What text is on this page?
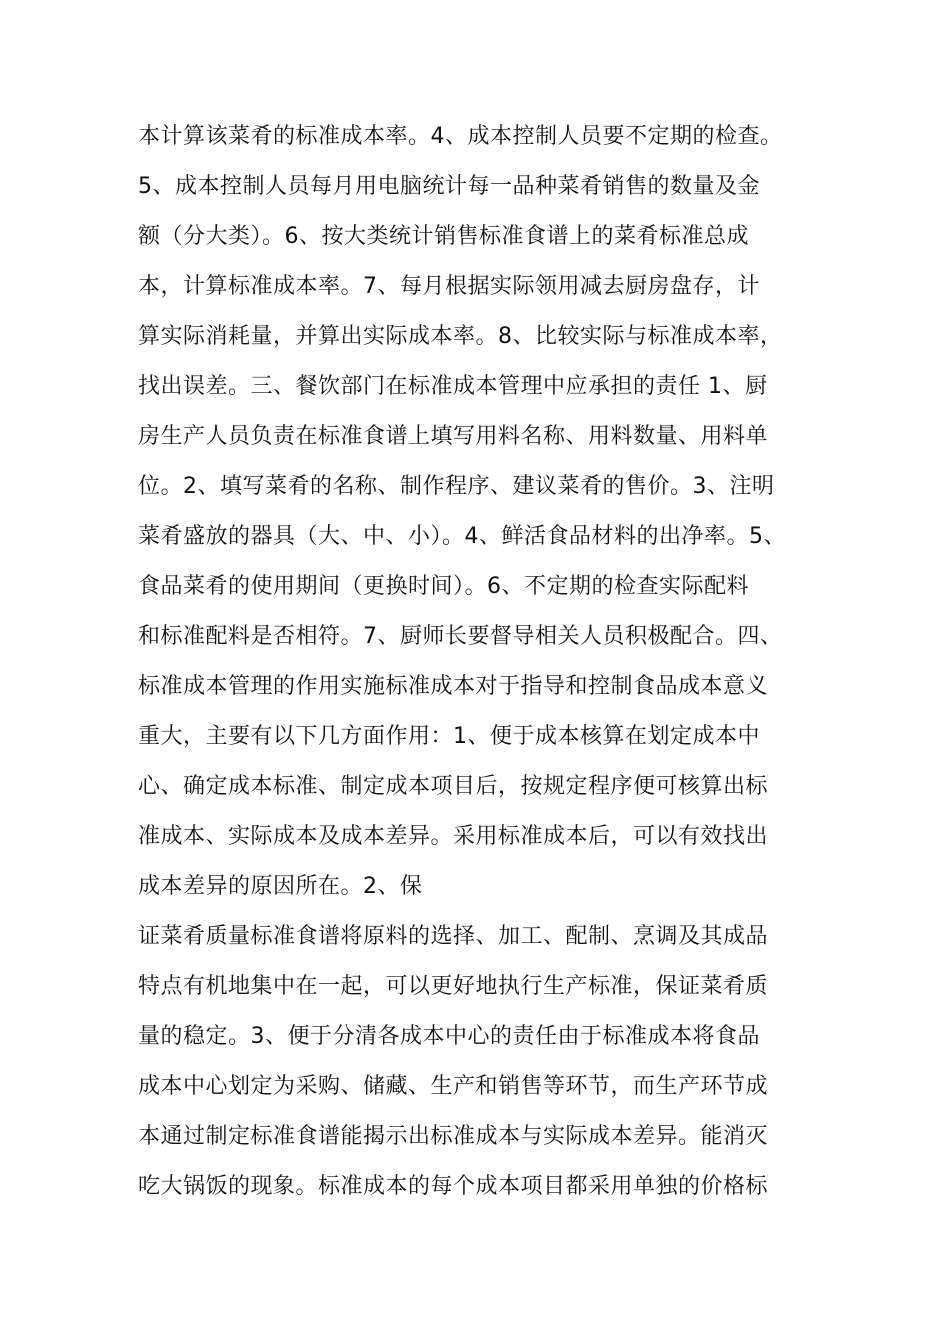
本计算该菜肴的标准成本率。4、成本控制人员要不定期的检查。
5、成本控制人员每月用电脑统计每一品种菜肴销售的数量及金
额（分大类）。6、按大类统计销售标准食谱上的菜肴标准总成
本，计算标准成本率。7、每月根据实际领用减去厨房盘存，计
算实际消耗量，并算出实际成本率。8、比较实际与标准成本率，
找出误差。三、餐饮部门在标准成本管理中应承担的责任 1、厨
房生产人员负责在标准食谱上填写用料名称、用料数量、用料单
位。2、填写菜肴的名称、制作程序、建议菜肴的售价。3、注明
菜肴盛放的器具（大、中、小）。4、鲜活食品材料的出净率。5、
食品菜肴的使用期间（更换时间）。6、不定期的检查实际配料
和标准配料是否相符。7、厨师长要督导相关人员积极配合。四、
标准成本管理的作用实施标准成本对于指导和控制食品成本意义
重大，主要有以下几方面作用：1、便于成本核算在划定成本中
心、确定成本标准、制定成本项目后，按规定程序便可核算出标
准成本、实际成本及成本差异。采用标准成本后，可以有效找出
成本差异的原因所在。2、保
证菜肴质量标准食谱将原料的选择、加工、配制、烹调及其成品
特点有机地集中在一起，可以更好地执行生产标准，保证菜肴质
量的稳定。3、便于分清各成本中心的责任由于标准成本将食品
成本中心划定为采购、储藏、生产和销售等环节，而生产环节成
本通过制定标准食谱能揭示出标准成本与实际成本差异。能消灭
吃大锅饭的现象。标准成本的每个成本项目都采用单独的价格标
